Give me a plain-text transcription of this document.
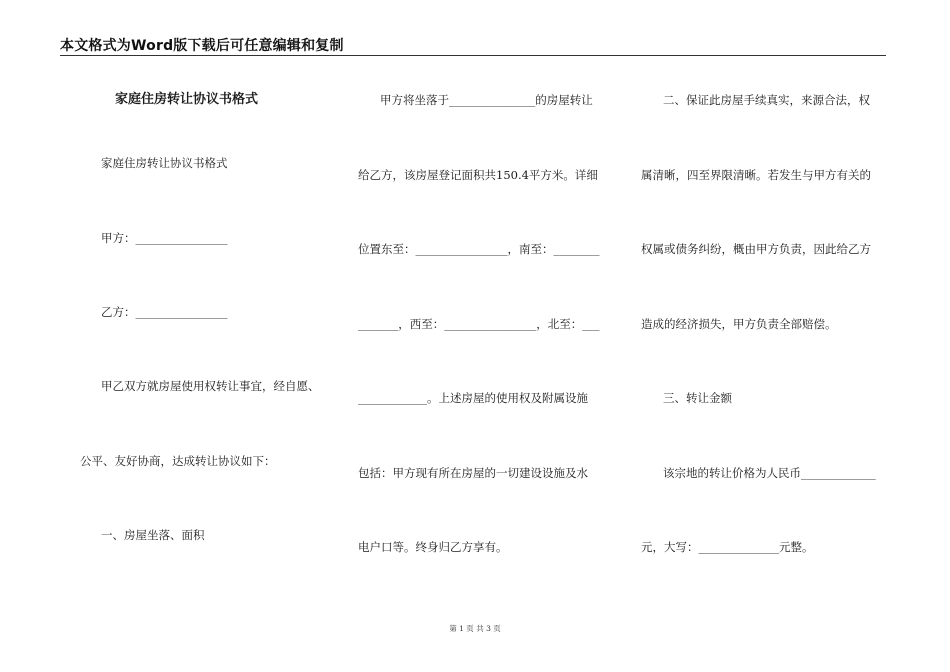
本文格式为Word版下载后可任意编辑和复制
家庭住房转让协议书格式
家庭住房转让协议书格式
甲方：________________
乙方：________________
甲乙双方就房屋使用权转让事宜，经自愿、
公平、友好协商，达成转让协议如下：
一、房屋坐落、面积
甲方将坐落于_______________的房屋转让
给乙方，该房屋登记面积共150.4平方米。详细
位置东至：________________，南至：________
_______，西至：________________，北至：___
____________。上述房屋的使用权及附属设施
包括：甲方现有所在房屋的一切建设设施及水
电户口等。终身归乙方享有。
二、保证此房屋手续真实，来源合法，权
属清晰，四至界限清晰。若发生与甲方有关的
权属或债务纠纷，概由甲方负责，因此给乙方
造成的经济损失，甲方负责全部赔偿。
三、转让金额
该宗地的转让价格为人民币_____________
元，大写：______________元整。
第 1 页 共 3 页
